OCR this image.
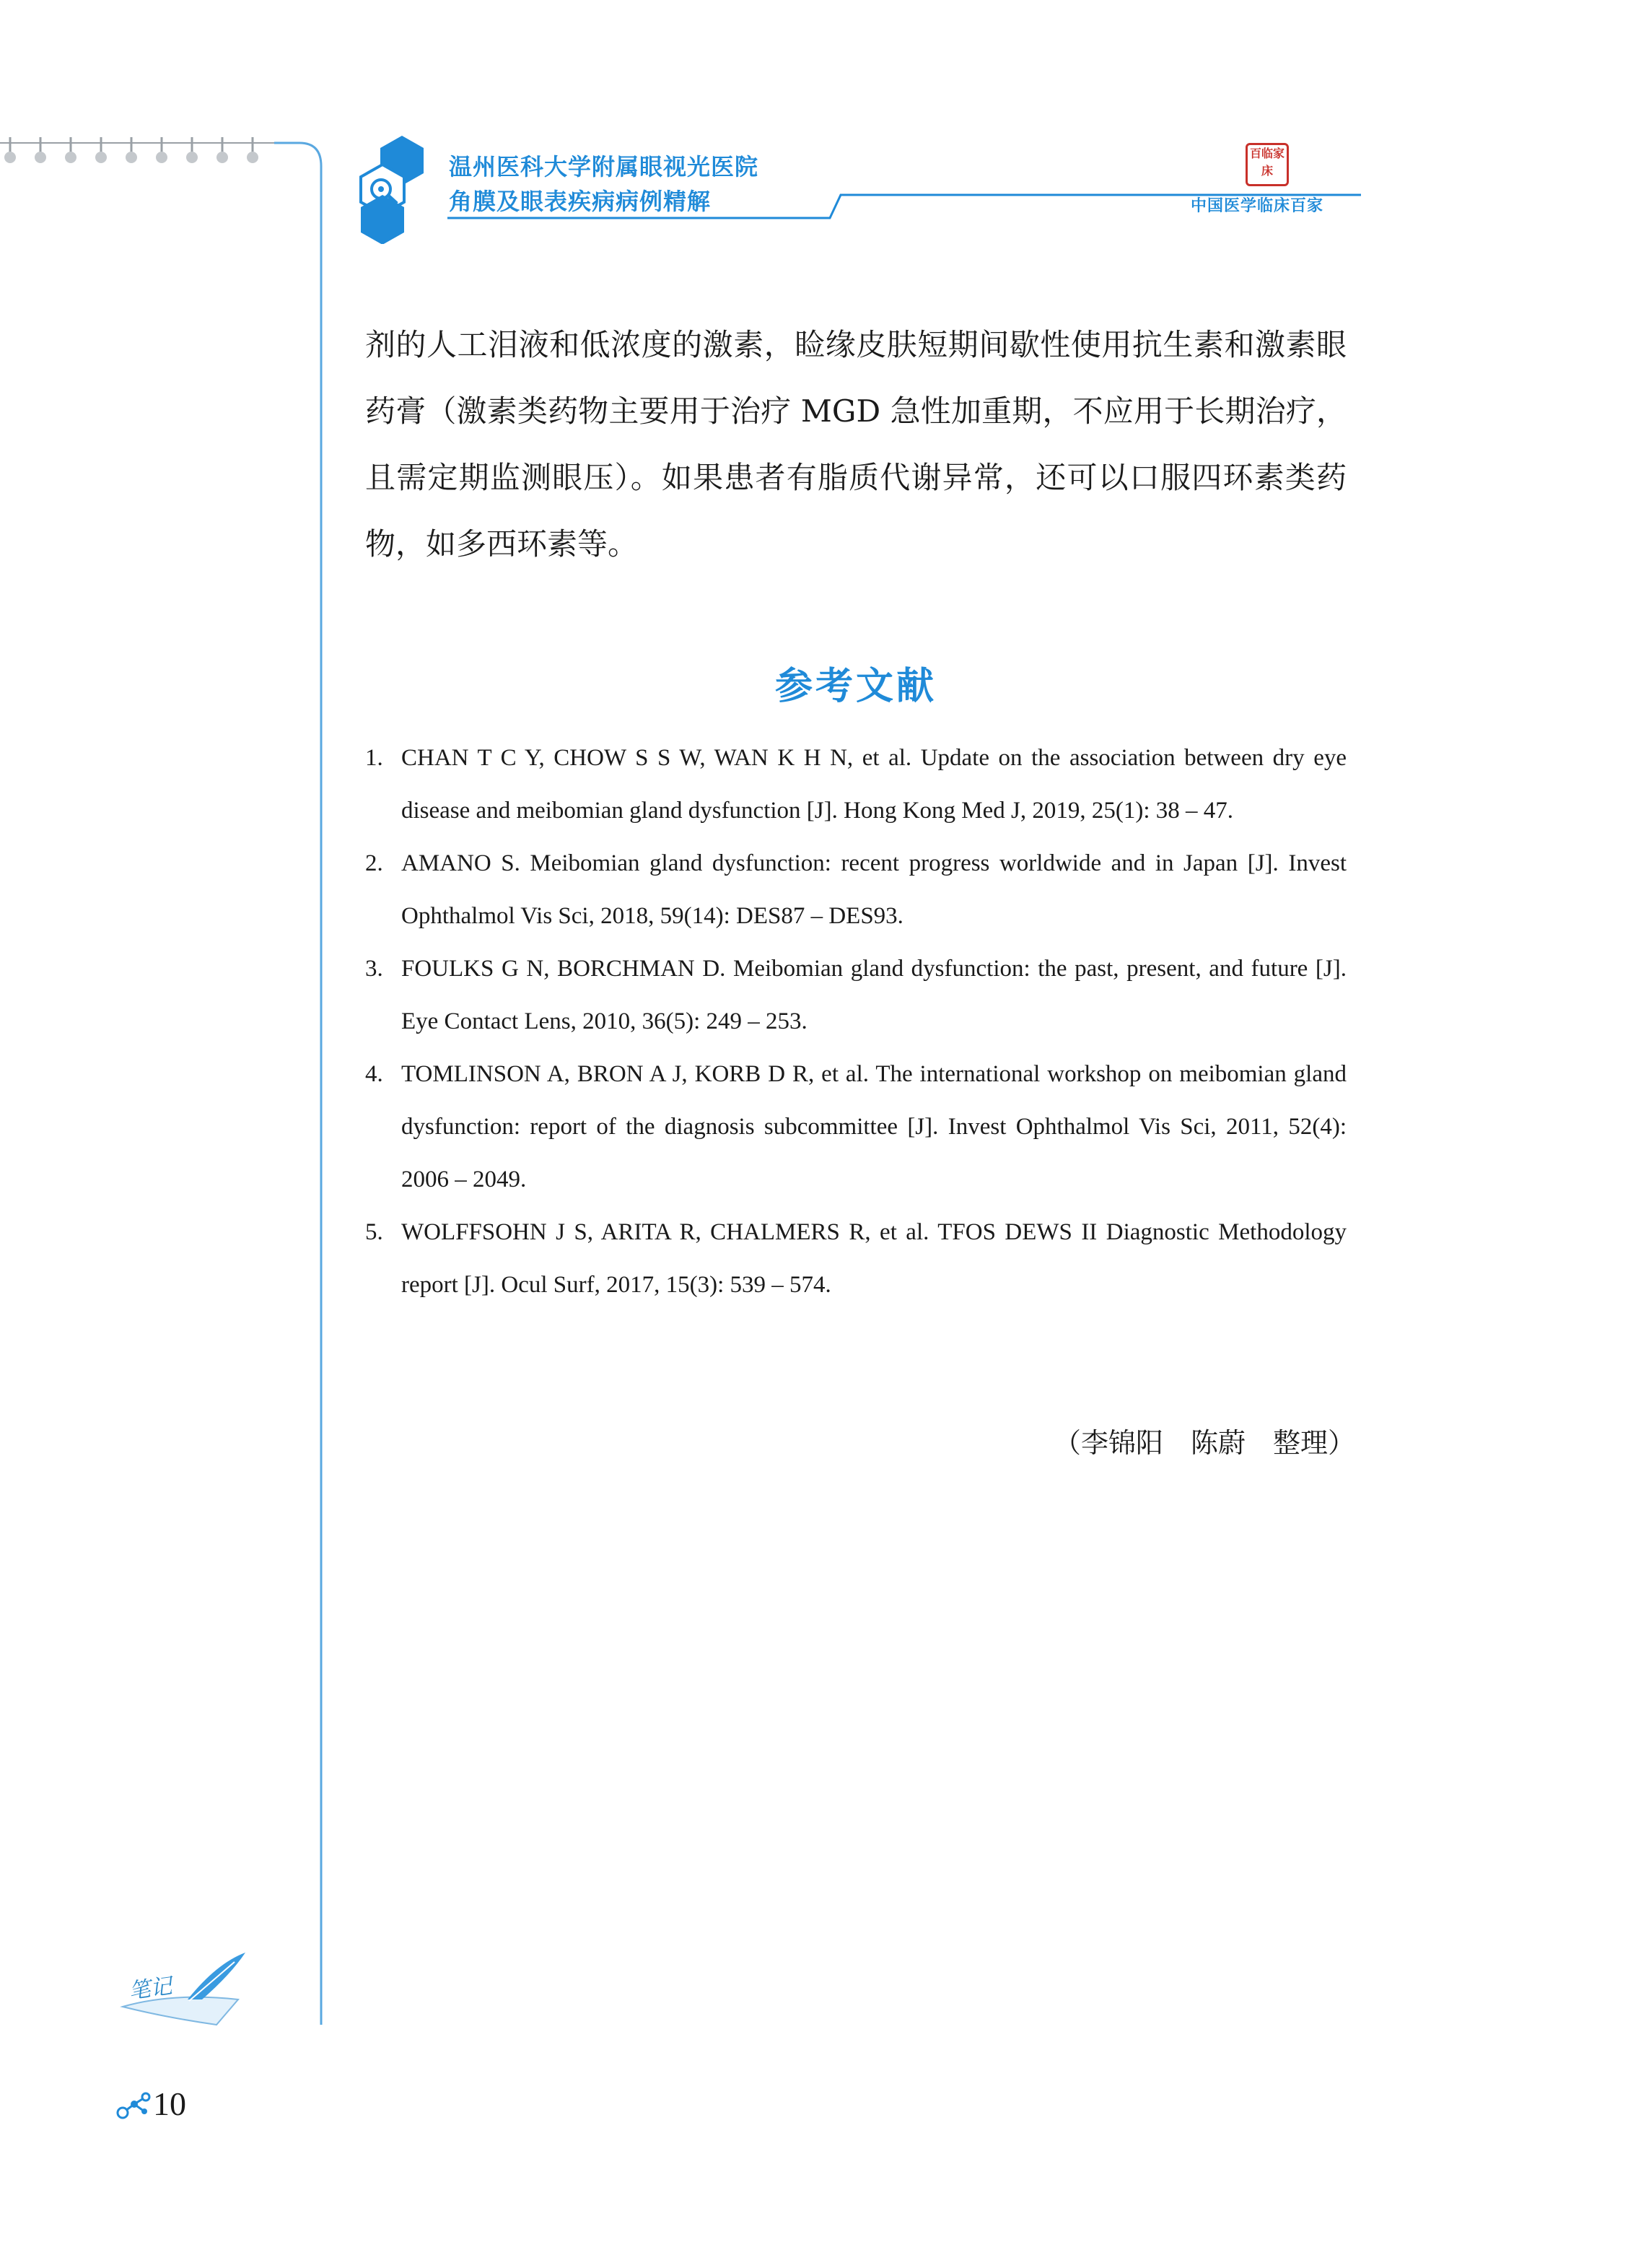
温州医科大学附属眼视光医院
角膜及眼表疾病病例精解
百临家床
中国医学临床百家
剂的人工泪液和低浓度的激素，睑缘皮肤短期间歇性使用抗生素和激素眼药膏（激素类药物主要用于治疗 MGD 急性加重期，不应用于长期治疗，且需定期监测眼压）。如果患者有脂质代谢异常，还可以口服四环素类药物，如多西环素等。
参考文献
1. CHAN T C Y, CHOW S S W, WAN K H N, et al. Update on the association between dry eye disease and meibomian gland dysfunction [J]. Hong Kong Med J, 2019, 25(1): 38 – 47.
2. AMANO S. Meibomian gland dysfunction: recent progress worldwide and in Japan [J]. Invest Ophthalmol Vis Sci, 2018, 59(14): DES87 – DES93.
3. FOULKS G N, BORCHMAN D. Meibomian gland dysfunction: the past, present, and future [J]. Eye Contact Lens, 2010, 36(5): 249 – 253.
4. TOMLINSON A, BRON A J, KORB D R, et al. The international workshop on meibomian gland dysfunction: report of the diagnosis subcommittee [J]. Invest Ophthalmol Vis Sci, 2011, 52(4): 2006 – 2049.
5. WOLFFSOHN J S, ARITA R, CHALMERS R, et al. TFOS DEWS II Diagnostic Methodology report [J]. Ocul Surf, 2017, 15(3): 539 – 574.
（李锦阳　陈蔚　整理）
笔记
10
